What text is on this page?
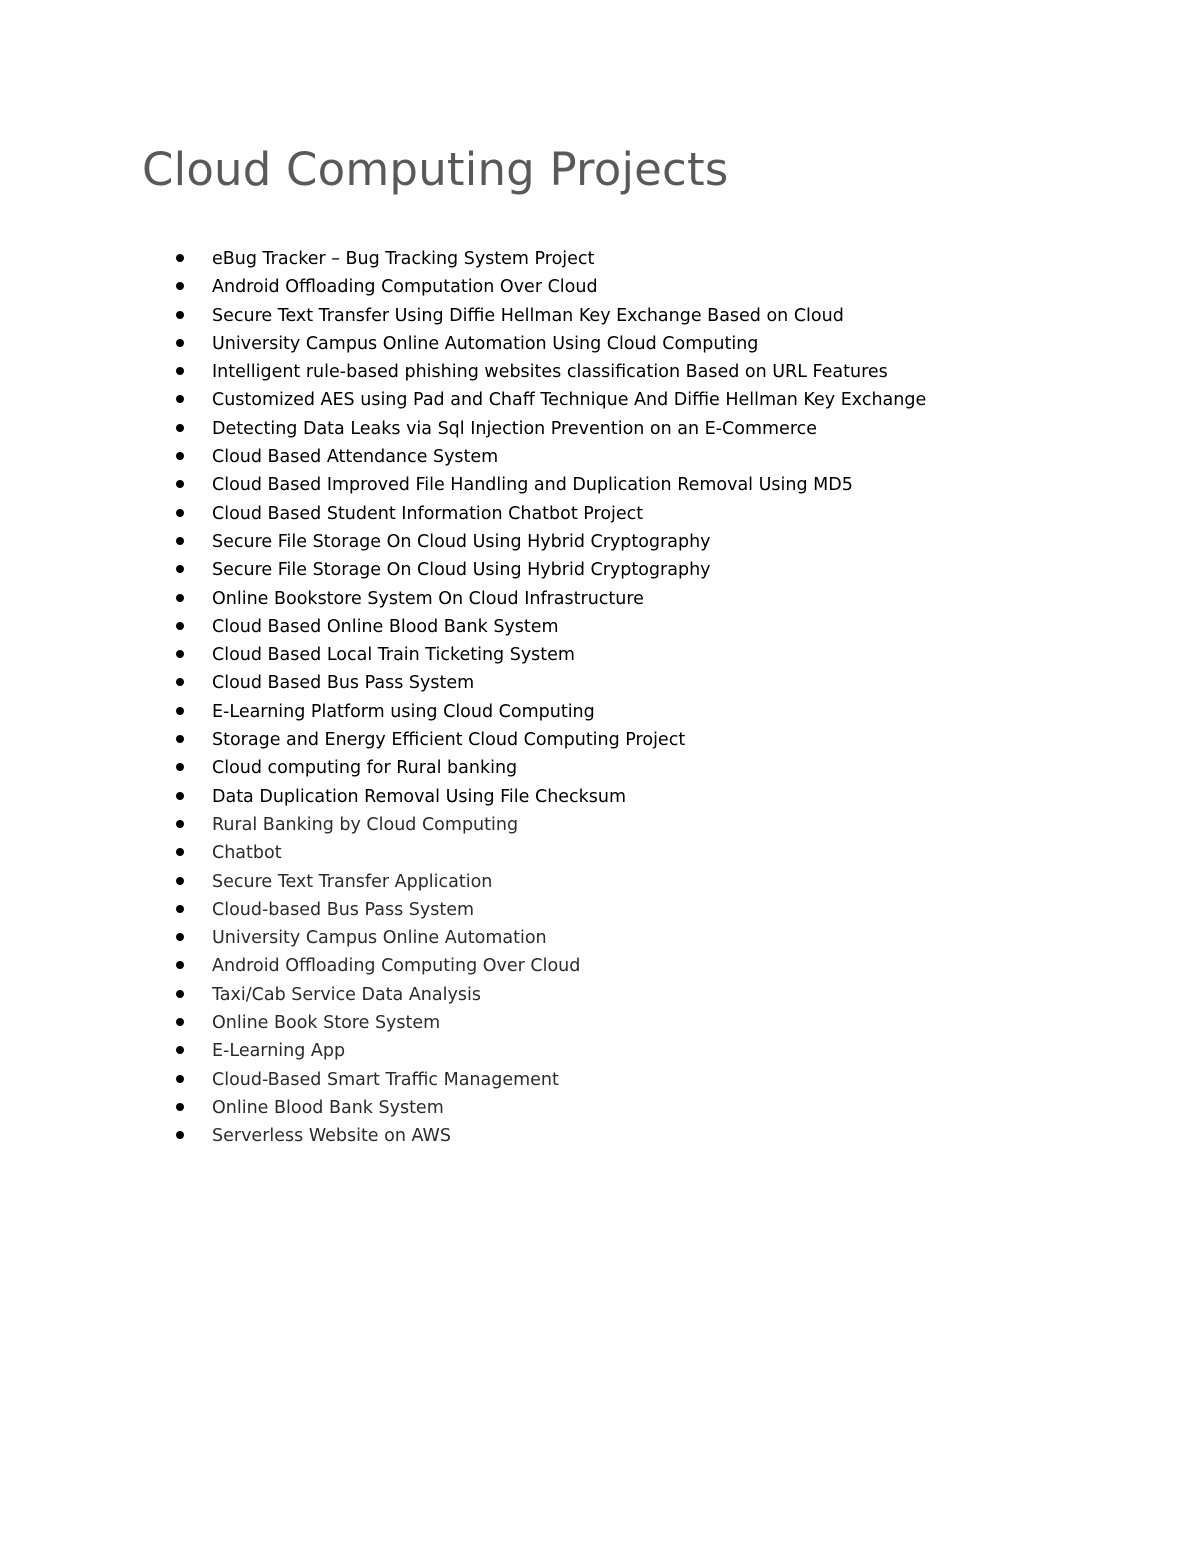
Cloud Computing Projects
eBug Tracker – Bug Tracking System Project
Android Offloading Computation Over Cloud
Secure Text Transfer Using Diffie Hellman Key Exchange Based on Cloud
University Campus Online Automation Using Cloud Computing
Intelligent rule-based phishing websites classification Based on URL Features
Customized AES using Pad and Chaff Technique And Diffie Hellman Key Exchange
Detecting Data Leaks via Sql Injection Prevention on an E-Commerce
Cloud Based Attendance System
Cloud Based Improved File Handling and Duplication Removal Using MD5
Cloud Based Student Information Chatbot Project
Secure File Storage On Cloud Using Hybrid Cryptography
Secure File Storage On Cloud Using Hybrid Cryptography
Online Bookstore System On Cloud Infrastructure
Cloud Based Online Blood Bank System
Cloud Based Local Train Ticketing System
Cloud Based Bus Pass System
E-Learning Platform using Cloud Computing
Storage and Energy Efficient Cloud Computing Project
Cloud computing for Rural banking
Data Duplication Removal Using File Checksum
Rural Banking by Cloud Computing
Chatbot
Secure Text Transfer Application
Cloud-based Bus Pass System
University Campus Online Automation
Android Offloading Computing Over Cloud
Taxi/Cab Service Data Analysis
Online Book Store System
E-Learning App
Cloud-Based Smart Traffic Management
Online Blood Bank System
Serverless Website on AWS
